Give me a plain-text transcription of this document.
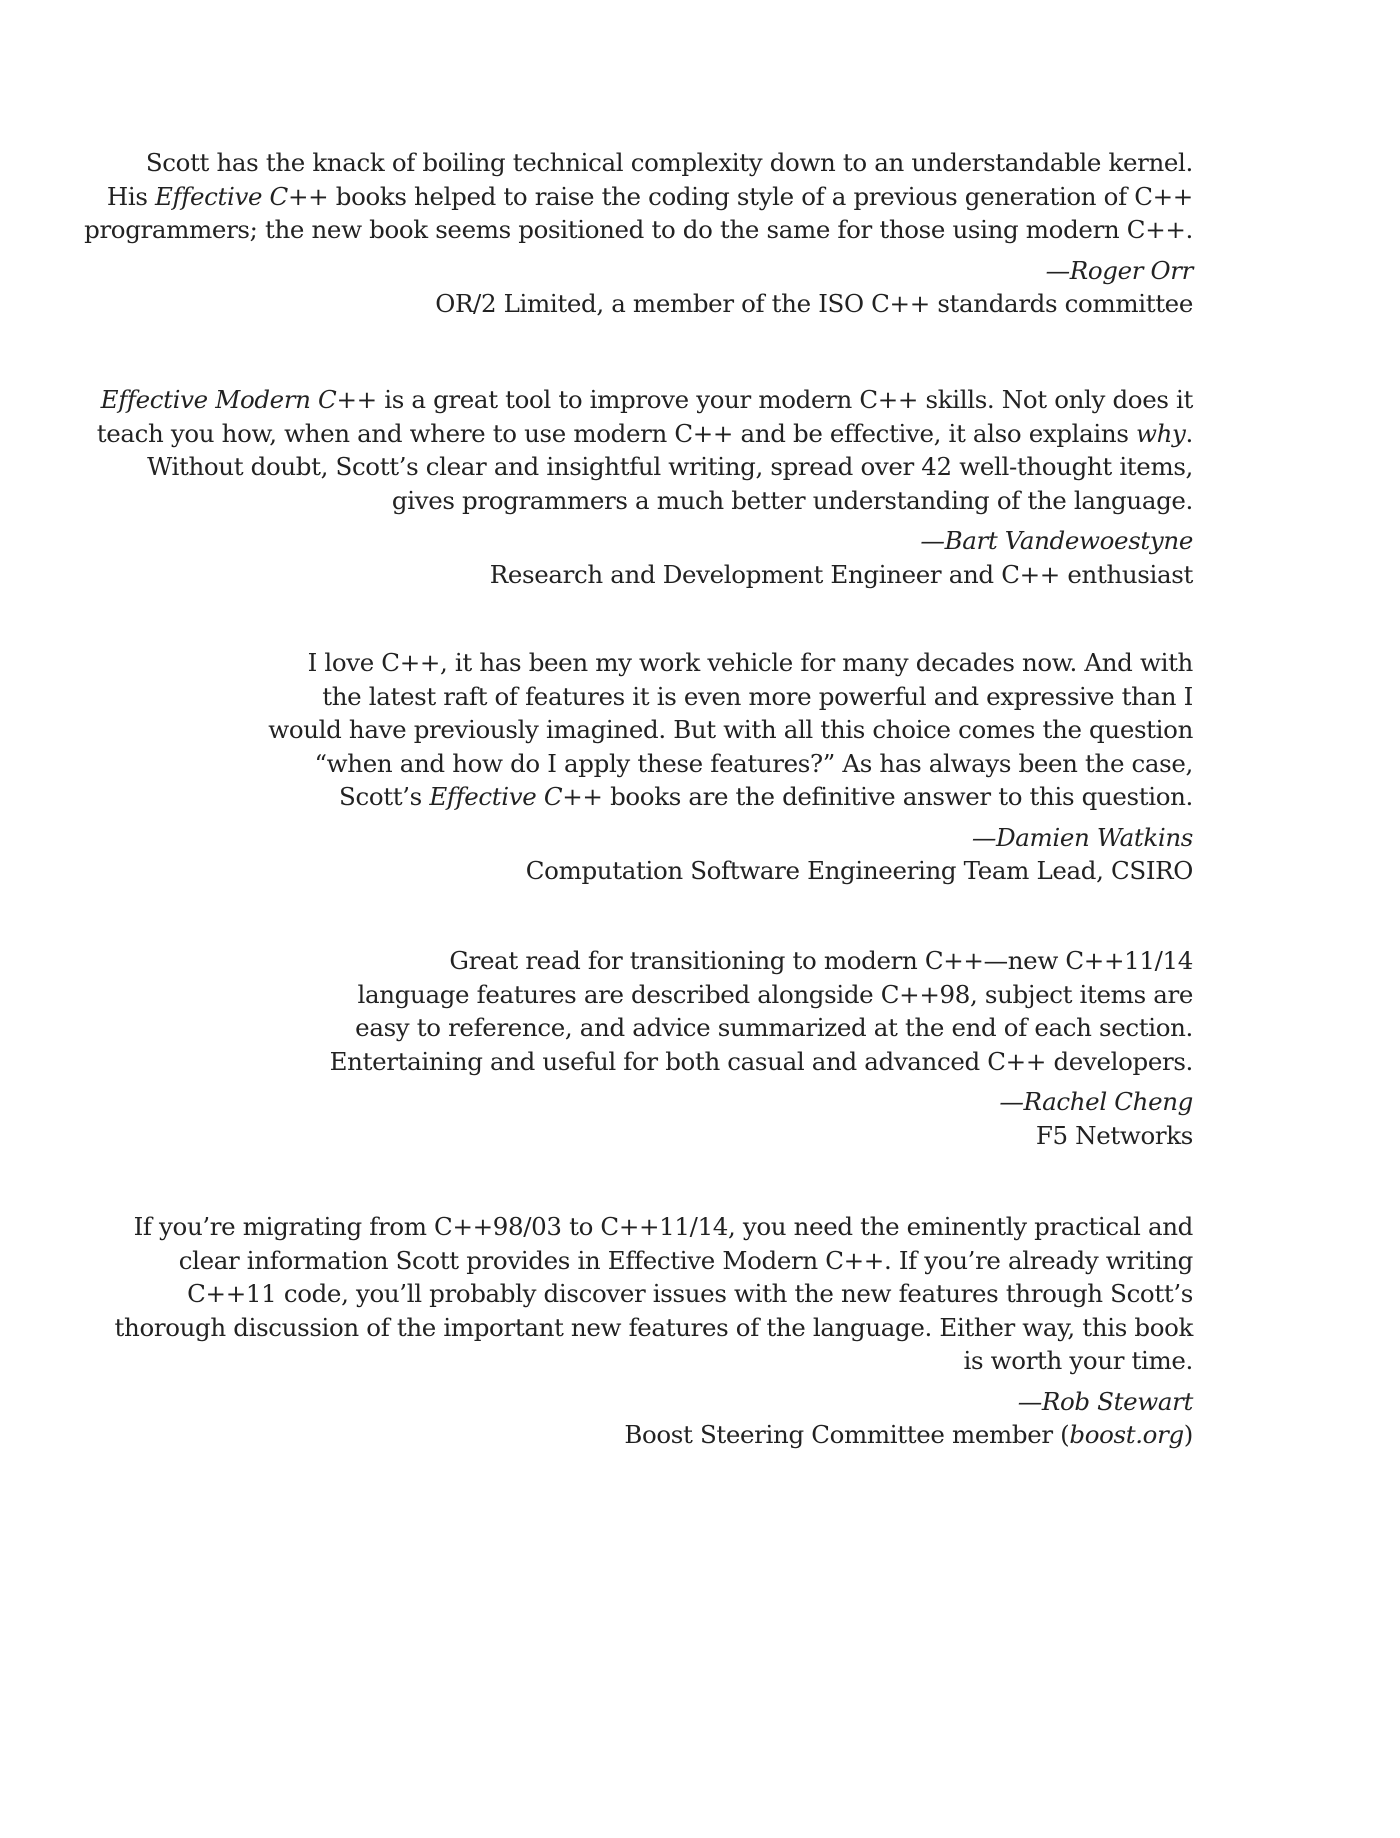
Scott has the knack of boiling technical complexity down to an understandable kernel.
His Effective C++ books helped to raise the coding style of a previous generation of C++
programmers; the new book seems positioned to do the same for those using modern C++.

—Roger Orr
OR/2 Limited, a member of the ISO C++ standards committee

Effective Modern C++ is a great tool to improve your modern C++ skills. Not only does it
teach you how, when and where to use modern C++ and be effective, it also explains why.
Without doubt, Scott’s clear and insightful writing, spread over 42 well-thought items,
gives programmers a much better understanding of the language.

—Bart Vandewoestyne
Research and Development Engineer and C++ enthusiast

I love C++, it has been my work vehicle for many decades now. And with
the latest raft of features it is even more powerful and expressive than I
would have previously imagined. But with all this choice comes the question
“when and how do I apply these features?” As has always been the case,
Scott’s Effective C++ books are the definitive answer to this question.

—Damien Watkins
Computation Software Engineering Team Lead, CSIRO

Great read for transitioning to modern C++—new C++11/14
language features are described alongside C++98, subject items are
easy to reference, and advice summarized at the end of each section.
Entertaining and useful for both casual and advanced C++ developers.

—Rachel Cheng
F5 Networks

If you’re migrating from C++98/03 to C++11/14, you need the eminently practical and
clear information Scott provides in Effective Modern C++. If you’re already writing
C++11 code, you’ll probably discover issues with the new features through Scott’s
thorough discussion of the important new features of the language. Either way, this book
is worth your time.

—Rob Stewart
Boost Steering Committee member (boost.org)
